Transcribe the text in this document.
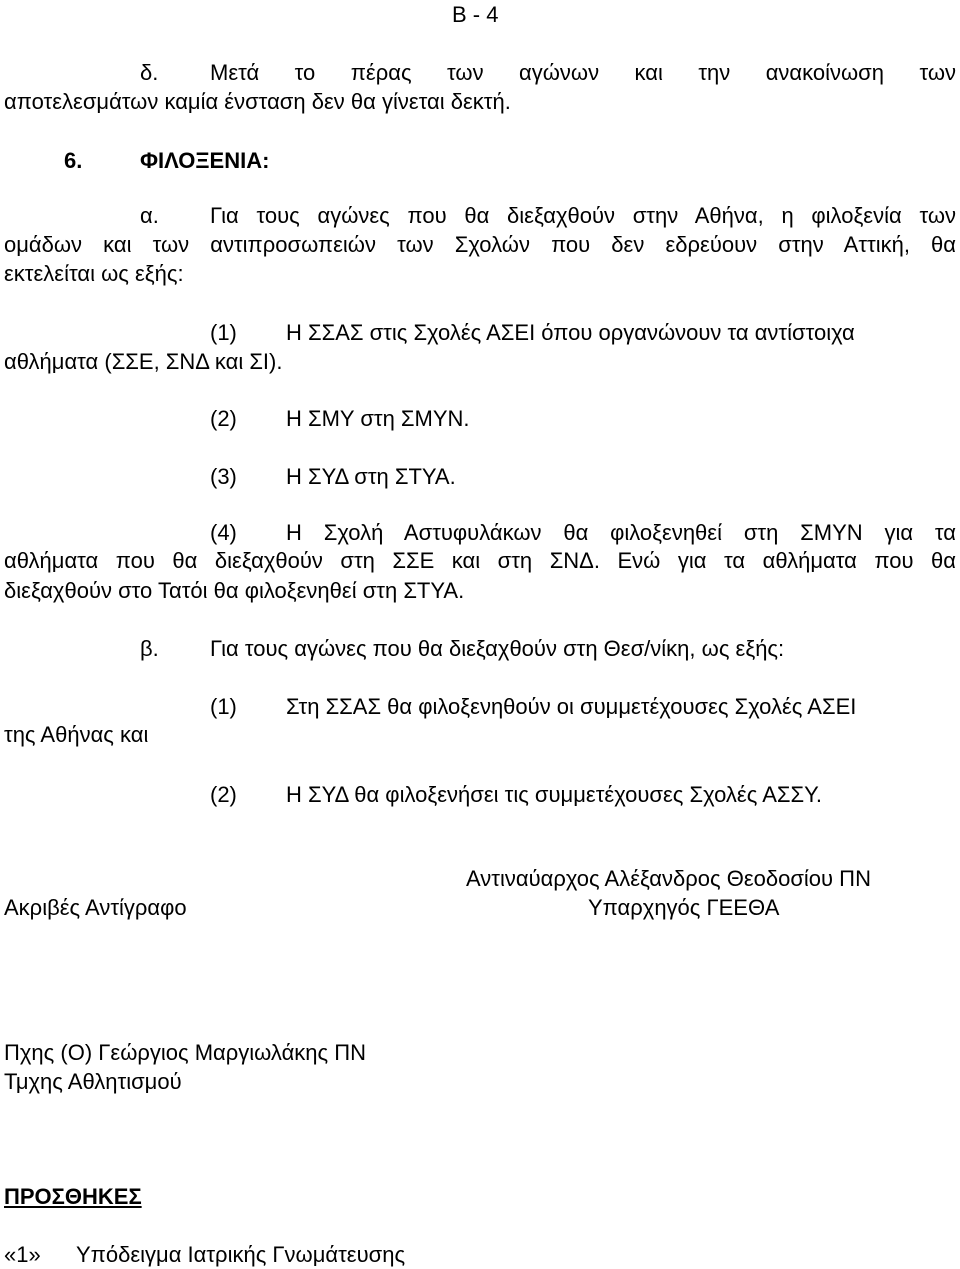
Β - 4
δ. Μετά το πέρας των αγώνων και την ανακοίνωση των
αποτελεσμάτων καμία ένσταση δεν θα γίνεται δεκτή.
6.	ΦΙΛΟΞΕΝΙΑ:
α. Για τους αγώνες που θα διεξαχθούν στην Αθήνα, η φιλοξενία των
ομάδων και των αντιπροσωπειών των Σχολών που δεν εδρεύουν στην Αττική, θα
εκτελείται ως εξής:
(1) Η ΣΣΑΣ στις Σχολές ΑΣΕΙ όπου οργανώνουν τα αντίστοιχα
αθλήματα (ΣΣΕ, ΣΝΔ και ΣΙ).
(2) Η ΣΜΥ στη ΣΜΥΝ.
(3) Η ΣΥΔ στη ΣΤΥΑ.
(4) Η Σχολή Αστυφυλάκων θα φιλοξενηθεί στη ΣΜΥΝ για τα
αθλήματα που θα διεξαχθούν στη ΣΣΕ και στη ΣΝΔ. Ενώ για τα αθλήματα που θα
διεξαχθούν στο Τατόι θα φιλοξενηθεί στη ΣΤΥΑ.
β. Για τους αγώνες που θα διεξαχθούν στη Θεσ/νίκη, ως εξής:
(1) Στη ΣΣΑΣ θα φιλοξενηθούν οι συμμετέχουσες Σχολές ΑΣΕΙ
της Αθήνας και
(2) Η ΣΥΔ θα φιλοξενήσει τις συμμετέχουσες Σχολές ΑΣΣΥ.
Αντιναύαρχος Αλέξανδρος Θεοδοσίου ΠΝ
Ακριβές Αντίγραφο	Υπαρχηγός ΓΕΕΘΑ
Πχης (Ο) Γεώργιος Μαργιωλάκης ΠΝ
Τμχης Αθλητισμού
ΠΡΟΣΘΗΚΕΣ
«1» Υπόδειγμα Ιατρικής Γνωμάτευσης
